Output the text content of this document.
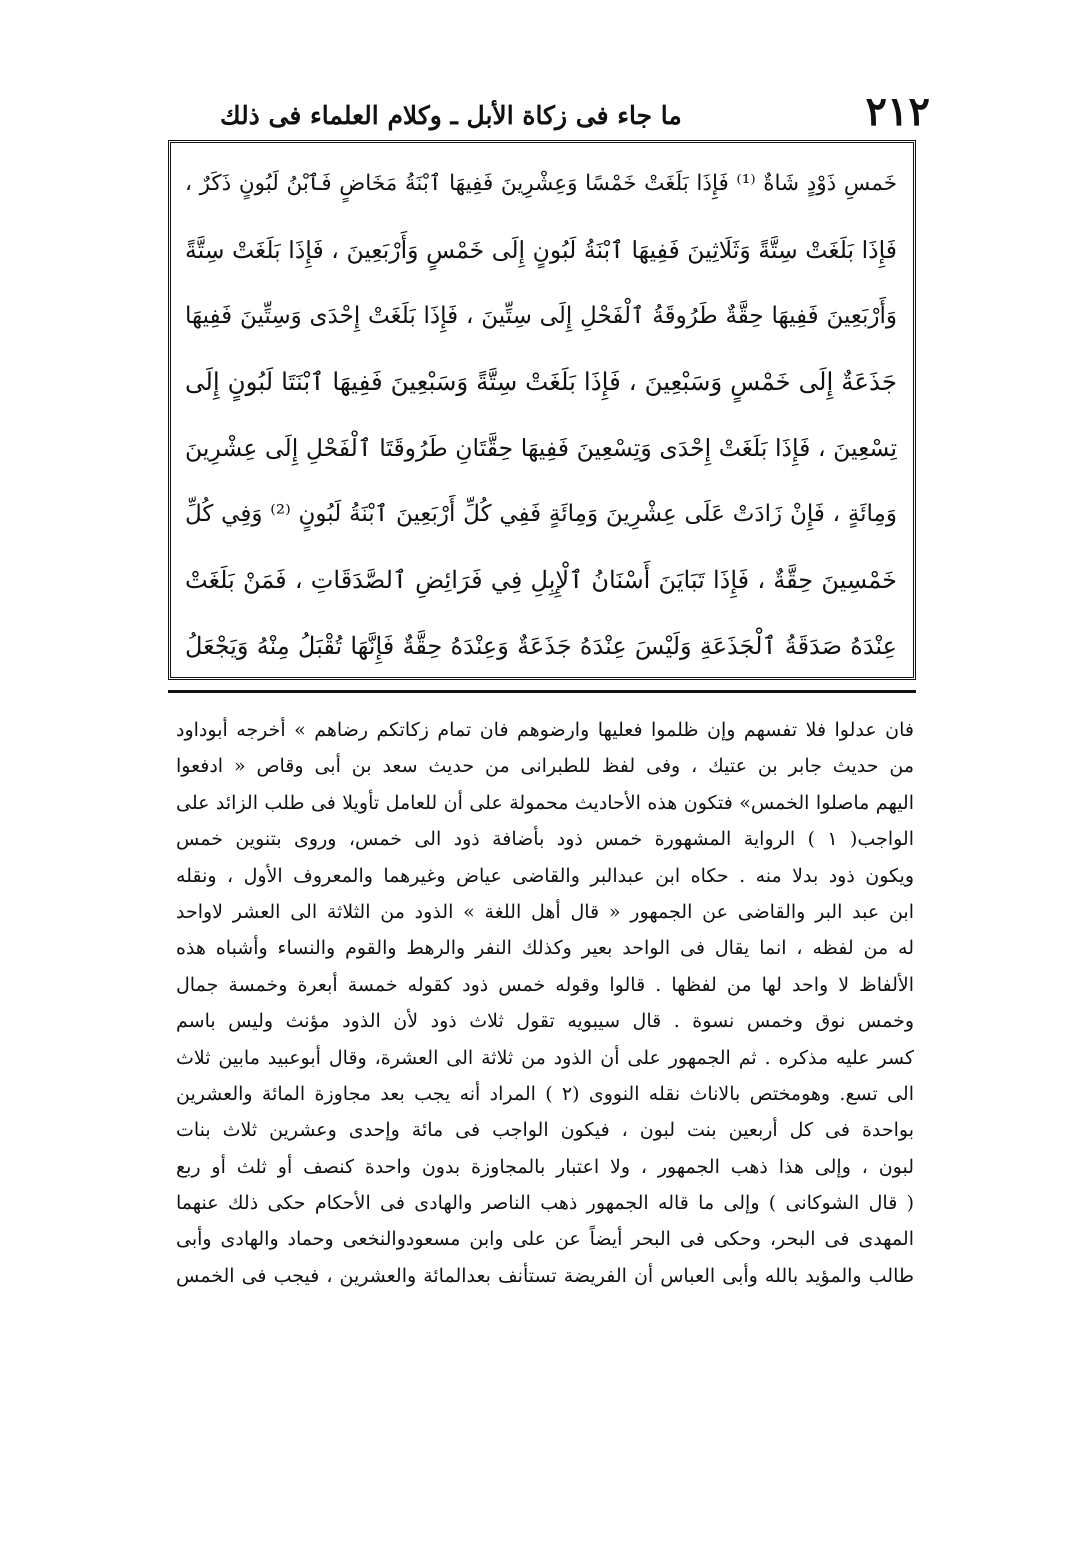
٢١٢
ما جاء فى زكاة الأبل ـ وكلام العلماء فى ذلك
خَمسِ ذَوْدٍ شَاةٌ ⁽¹⁾ فَإِذَا بَلَغَتْ خَمْسًا وَعِشْرِينَ فَفِيهَا ٱبْنَةُ مَخَاضٍ فَٱبْنُ لَبُونٍ ذَكَرٌ ،
فَإِذَا بَلَغَتْ سِتَّةً وَثَلَاثِينَ فَفِيهَا ٱبْنَةُ لَبُونٍ إِلَى خَمْسٍ وَأَرْبَعِينَ ، فَإِذَا بَلَغَتْ سِتَّةً
وَأَرْبَعِينَ فَفِيهَا حِقَّةٌ طَرُوقَةُ ٱلْفَحْلِ إِلَى سِتِّينَ ، فَإِذَا بَلَغَتْ إِحْدَى وَسِتِّينَ فَفِيهَا
جَذَعَةٌ إِلَى خَمْسٍ وَسَبْعِينَ ، فَإِذَا بَلَغَتْ سِتَّةً وَسَبْعِينَ فَفِيهَا ٱبْنَتَا لَبُونٍ إِلَى
تِسْعِينَ ، فَإِذَا بَلَغَتْ إِحْدَى وَتِسْعِينَ فَفِيهَا حِقَّتَانِ طَرُوقَتَا ٱلْفَحْلِ إِلَى عِشْرِينَ
وَمِائَةٍ ، فَإِنْ زَادَتْ عَلَى عِشْرِينَ وَمِائَةٍ فَفِي كُلِّ أَرْبَعِينَ ٱبْنَةُ لَبُونٍ ⁽²⁾ وَفِي كُلِّ
خَمْسِينَ حِقَّةٌ ، فَإِذَا تَبَايَنَ أَسْنَانُ ٱلْإِبِلِ فِي فَرَائِضِ ٱلصَّدَقَاتِ ، فَمَنْ بَلَغَتْ
عِنْدَهُ صَدَقَةُ ٱلْجَذَعَةِ وَلَيْسَ عِنْدَهُ جَذَعَةٌ وَعِنْدَهُ حِقَّةٌ فَإِنَّهَا تُقْبَلُ مِنْهُ وَيَجْعَلُ
فان عدلوا فلا تفسهم وإن ظلموا فعليها وارضوهم فان تمام زكاتكم رضاهم » أخرجه أبوداود
من حديث جابر بن عتيك ، وفى لفظ للطبرانى من حديث سعد بن أبى وقاص « ادفعوا
اليهم ماصلوا الخمس» فتكون هذه الأحاديث محمولة على أن للعامل تأويلا فى طلب الزائد على
الواجب( ١ ) الرواية المشهورة خمس ذود بأضافة ذود الى خمس، وروى بتنوين خمس
ويكون ذود بدلا منه . حكاه ابن عبدالبر والقاضى عياض وغيرهما والمعروف الأول ، ونقله
ابن عبد البر والقاضى عن الجمهور « قال أهل اللغة » الذود من الثلاثة الى العشر لاواحد
له من لفظه ، انما يقال فى الواحد بعير وكذلك النفر والرهط والقوم والنساء وأشباه هذه
الألفاظ لا واحد لها من لفظها . قالوا وقوله خمس ذود كقوله خمسة أبعرة وخمسة جمال
وخمس نوق وخمس نسوة . قال سيبويه تقول ثلاث ذود لأن الذود مؤنث وليس باسم
كسر عليه مذكره . ثم الجمهور على أن الذود من ثلاثة الى العشرة، وقال أبوعبيد مابين ثلاث
الى تسع. وهومختص بالاناث نقله النووى (٢ ) المراد أنه يجب بعد مجاوزة المائة والعشرين
بواحدة فى كل أربعين بنت لبون ، فيكون الواجب فى مائة وإحدى وعشرين ثلاث بنات
لبون ، وإلى هذا ذهب الجمهور ، ولا اعتبار بالمجاوزة بدون واحدة كنصف أو ثلث أو ربع
( قال الشوكانى ) وإلى ما قاله الجمهور ذهب الناصر والهادى فى الأحكام حكى ذلك عنهما
المهدى فى البحر، وحكى فى البحر أيضاً عن على وابن مسعودوالنخعى وحماد والهادى وأبى
طالب والمؤيد بالله وأبى العباس أن الفريضة تستأنف بعدالمائة والعشرين ، فيجب فى الخمس
